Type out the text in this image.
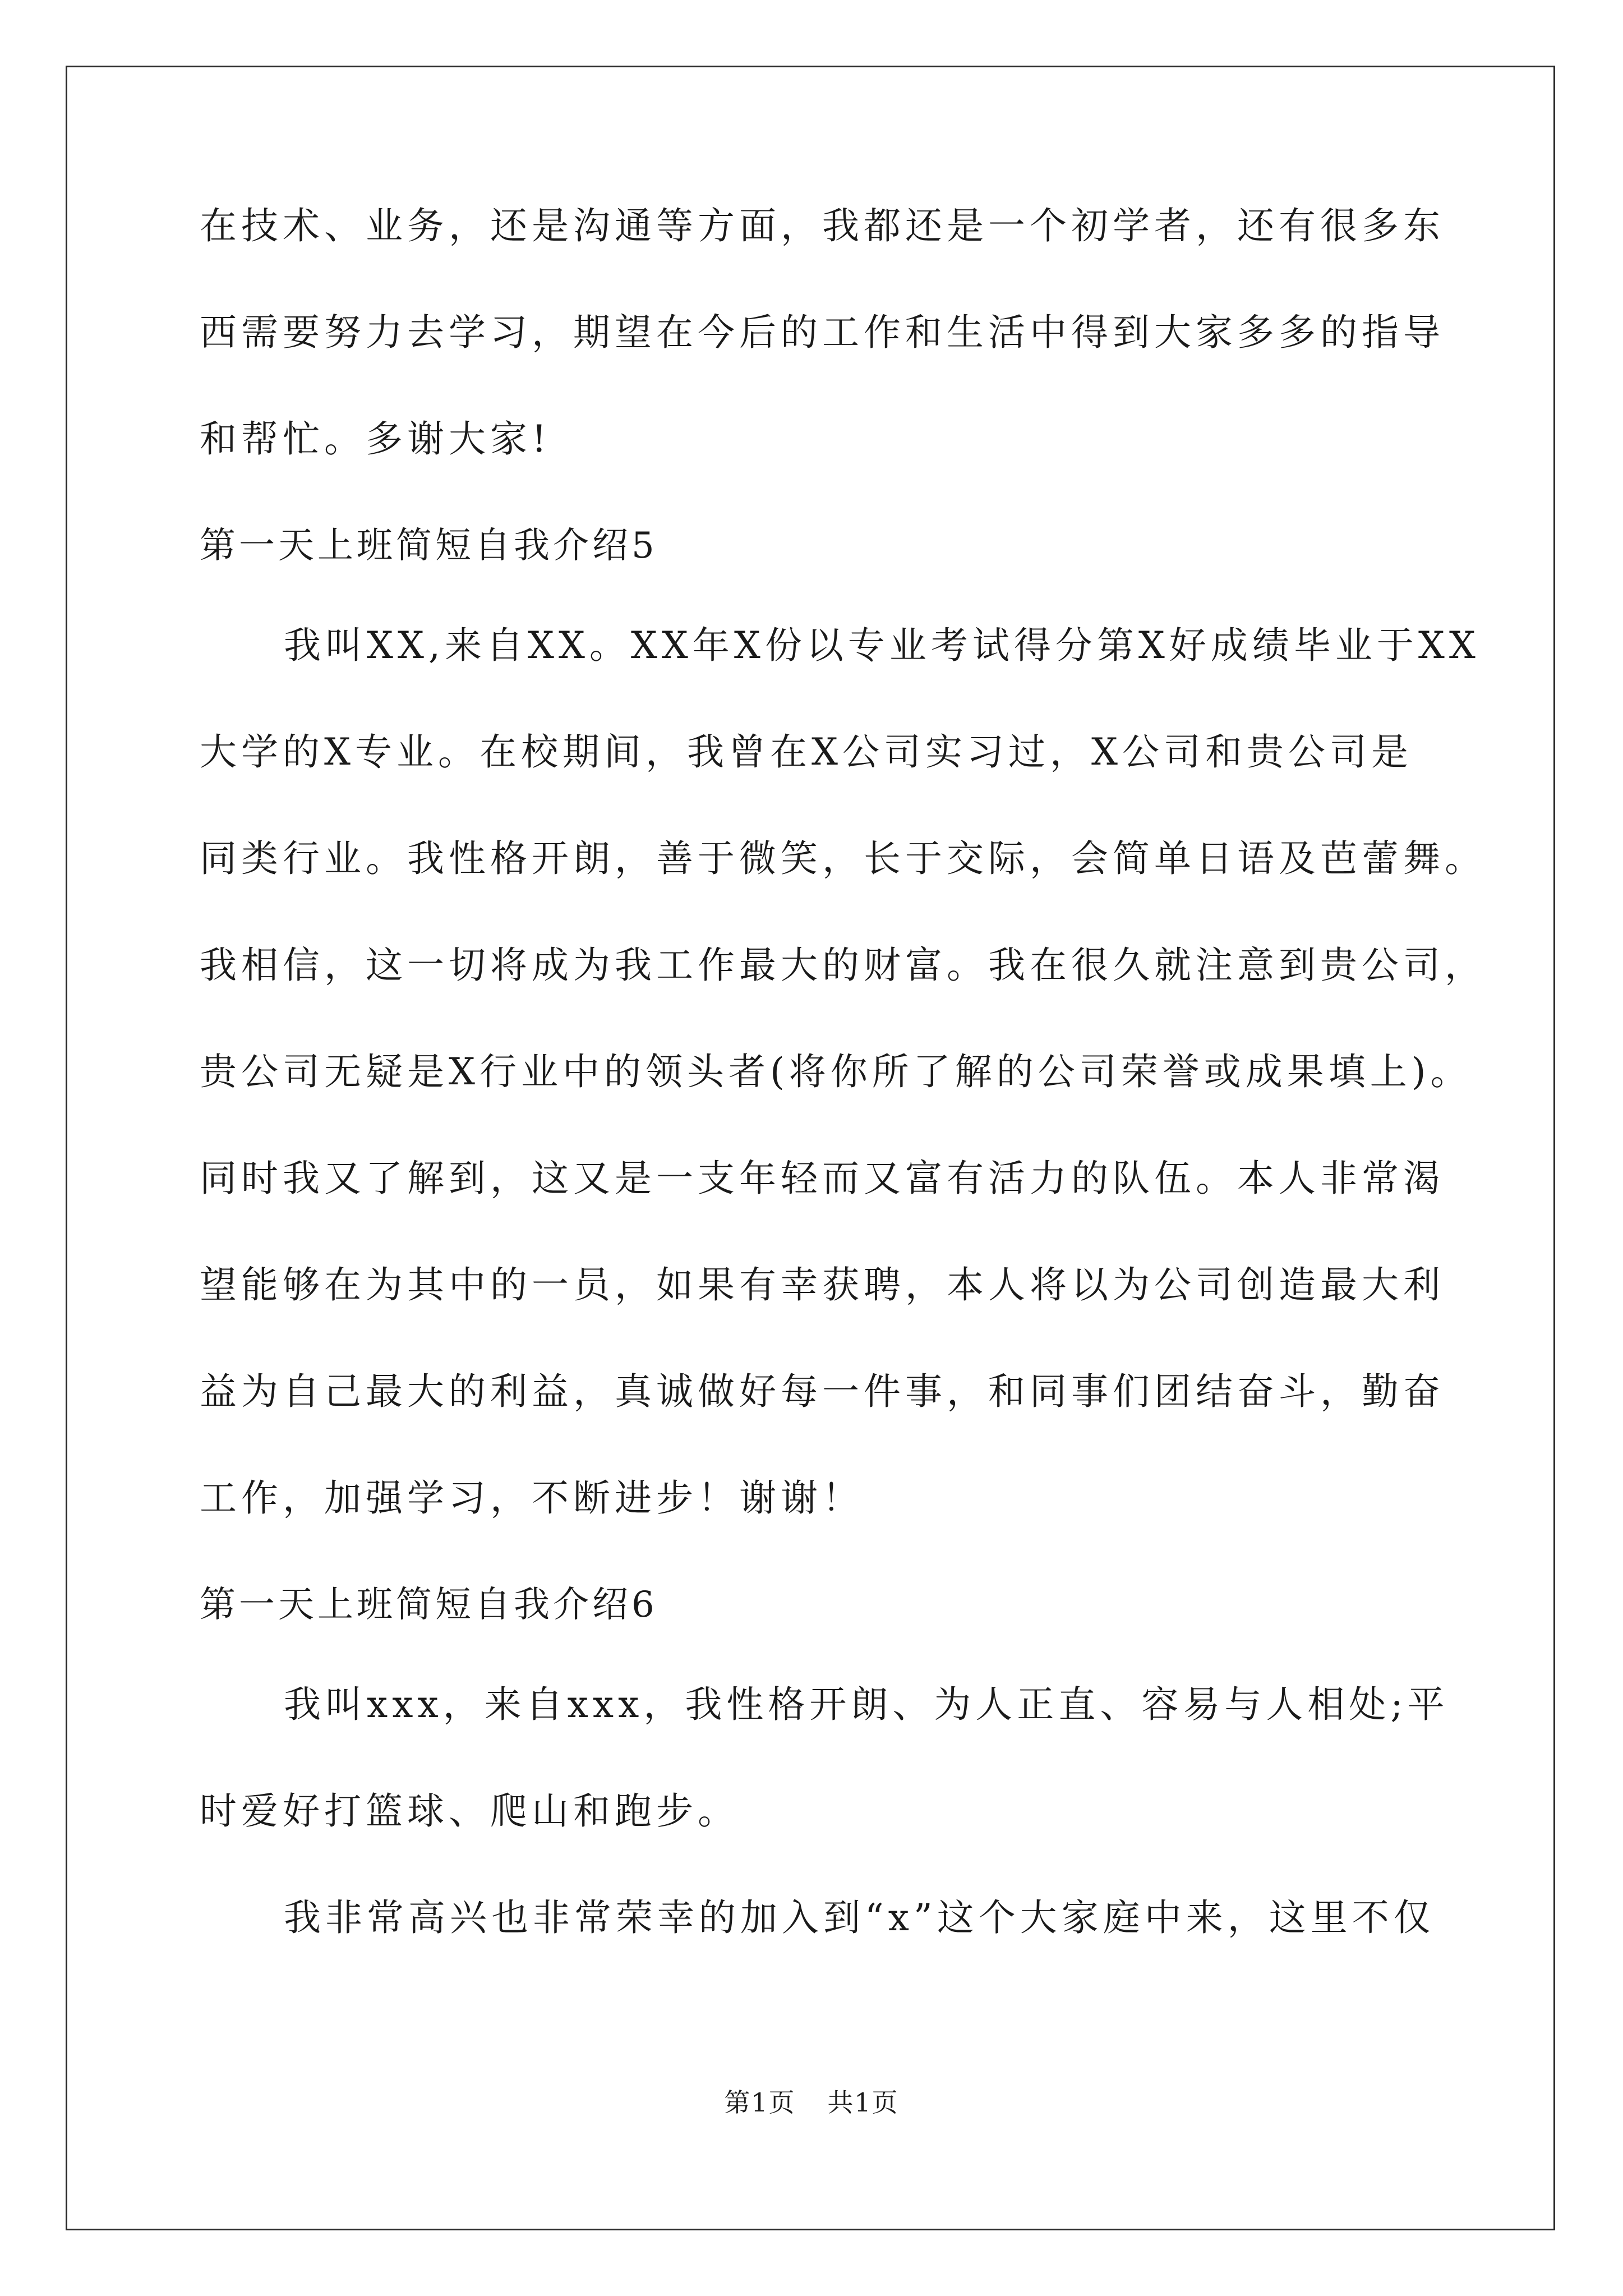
在技术、业务，还是沟通等方面，我都还是一个初学者，还有很多东
西需要努力去学习，期望在今后的工作和生活中得到大家多多的指导
和帮忙。多谢大家!
第一天上班简短自我介绍5
我叫XX,来自XX。XX年X份以专业考试得分第X好成绩毕业于XX
大学的X专业。在校期间，我曾在X公司实习过，X公司和贵公司是
同类行业。我性格开朗，善于微笑，长于交际，会简单日语及芭蕾舞。
我相信，这一切将成为我工作最大的财富。我在很久就注意到贵公司，
贵公司无疑是X行业中的领头者(将你所了解的公司荣誉或成果填上)。
同时我又了解到，这又是一支年轻而又富有活力的队伍。本人非常渴
望能够在为其中的一员，如果有幸获聘，本人将以为公司创造最大利
益为自己最大的利益，真诚做好每一件事，和同事们团结奋斗，勤奋
工作，加强学习，不断进步！谢谢！
第一天上班简短自我介绍6
我叫xxx，来自xxx，我性格开朗、为人正直、容易与人相处;平
时爱好打篮球、爬山和跑步。
我非常高兴也非常荣幸的加入到“x”这个大家庭中来，这里不仅
第1页 共1页
